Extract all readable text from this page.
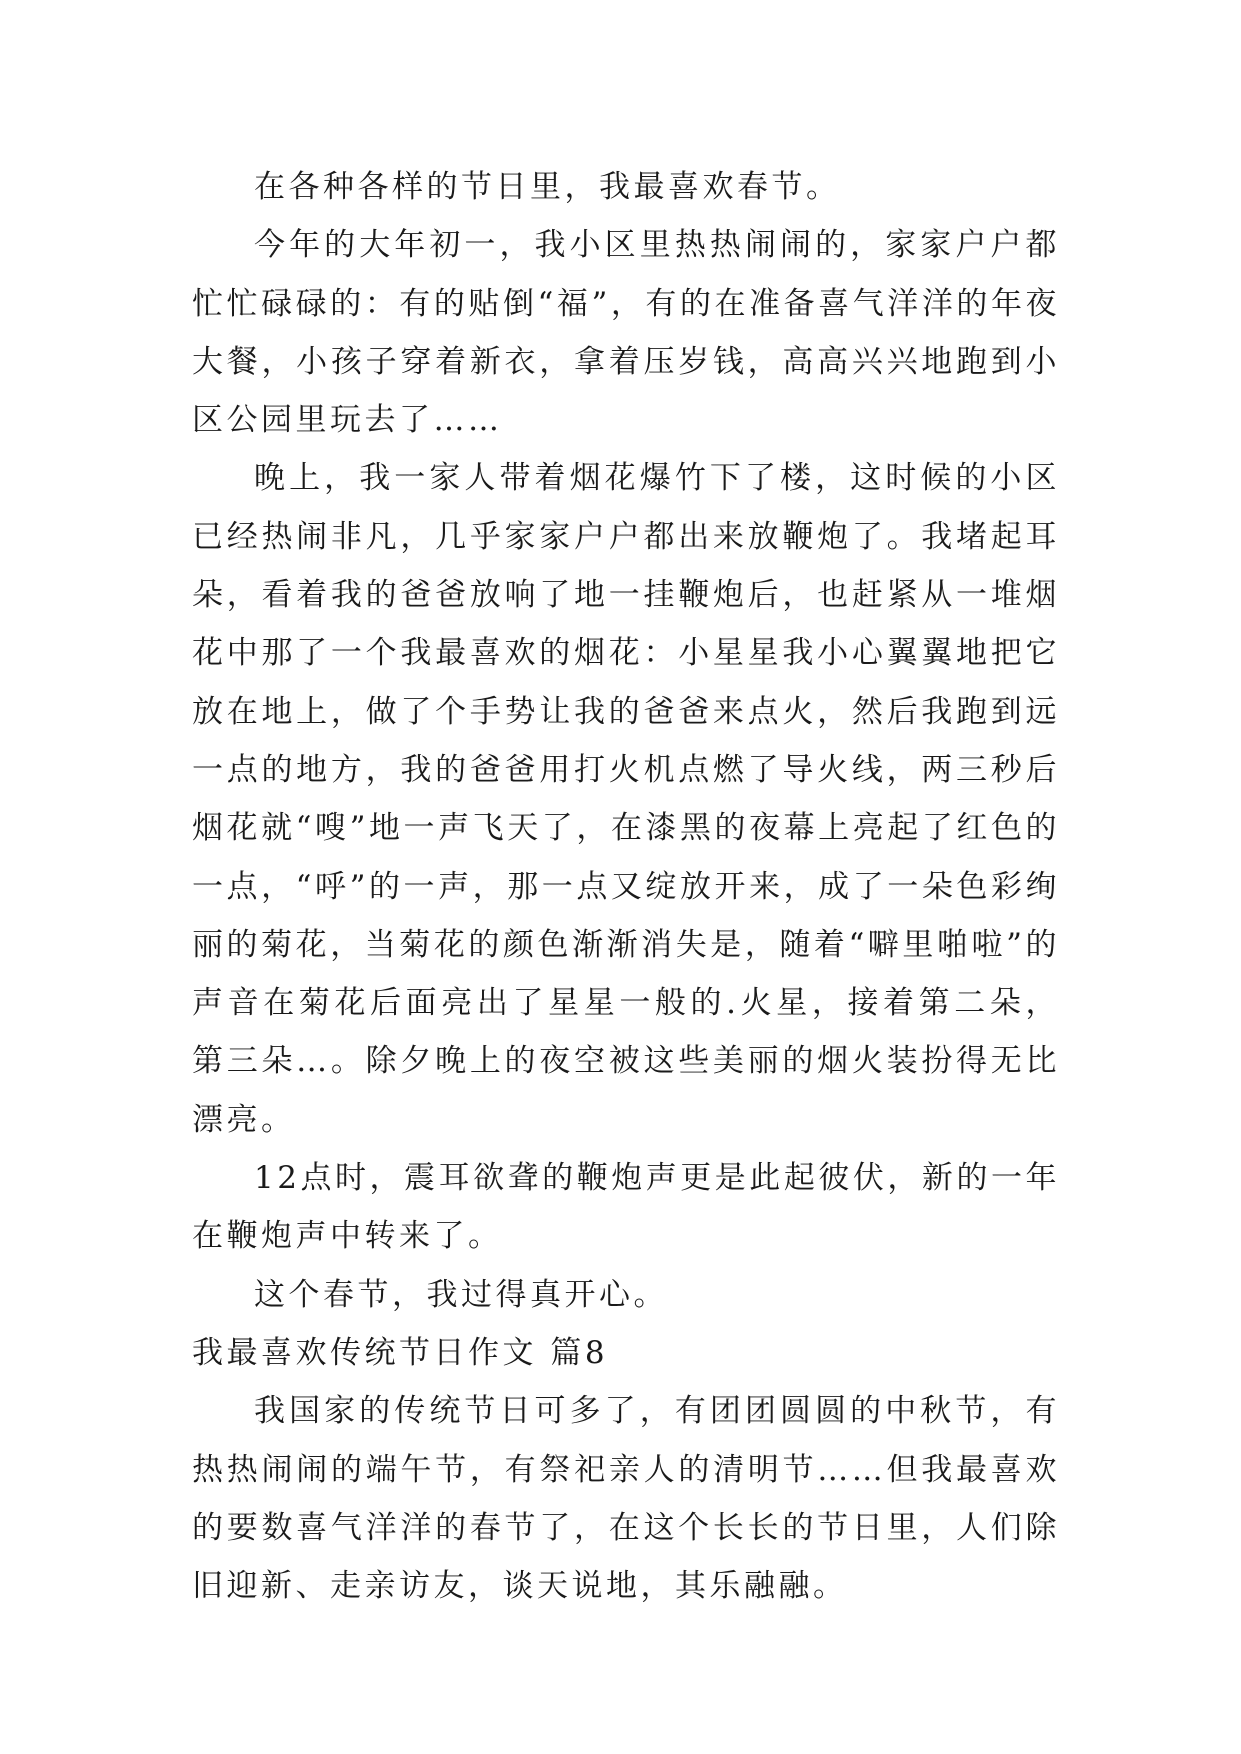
在各种各样的节日里，我最喜欢春节。

今年的大年初一，我小区里热热闹闹的，家家户户都忙忙碌碌的：有的贴倒“福”，有的在准备喜气洋洋的年夜大餐，小孩子穿着新衣，拿着压岁钱，高高兴兴地跑到小区公园里玩去了……

晚上，我一家人带着烟花爆竹下了楼，这时候的小区已经热闹非凡，几乎家家户户都出来放鞭炮了。我堵起耳朵，看着我的爸爸放响了地一挂鞭炮后，也赶紧从一堆烟花中那了一个我最喜欢的烟花：小星星我小心翼翼地把它放在地上，做了个手势让我的爸爸来点火，然后我跑到远一点的地方，我的爸爸用打火机点燃了导火线，两三秒后烟花就“嗖”地一声飞天了，在漆黑的夜幕上亮起了红色的一点，“呼”的一声，那一点又绽放开来，成了一朵色彩绚丽的菊花，当菊花的颜色渐渐消失是，随着“噼里啪啦”的声音在菊花后面亮出了星星一般的.火星，接着第二朵，第三朵…。除夕晚上的夜空被这些美丽的烟火装扮得无比漂亮。

12点时，震耳欲聋的鞭炮声更是此起彼伏，新的一年在鞭炮声中转来了。

这个春节，我过得真开心。

我最喜欢传统节日作文 篇8

我国家的传统节日可多了，有团团圆圆的中秋节，有热热闹闹的端午节，有祭祀亲人的清明节……但我最喜欢的要数喜气洋洋的春节了，在这个长长的节日里，人们除旧迎新、走亲访友，谈天说地，其乐融融。
